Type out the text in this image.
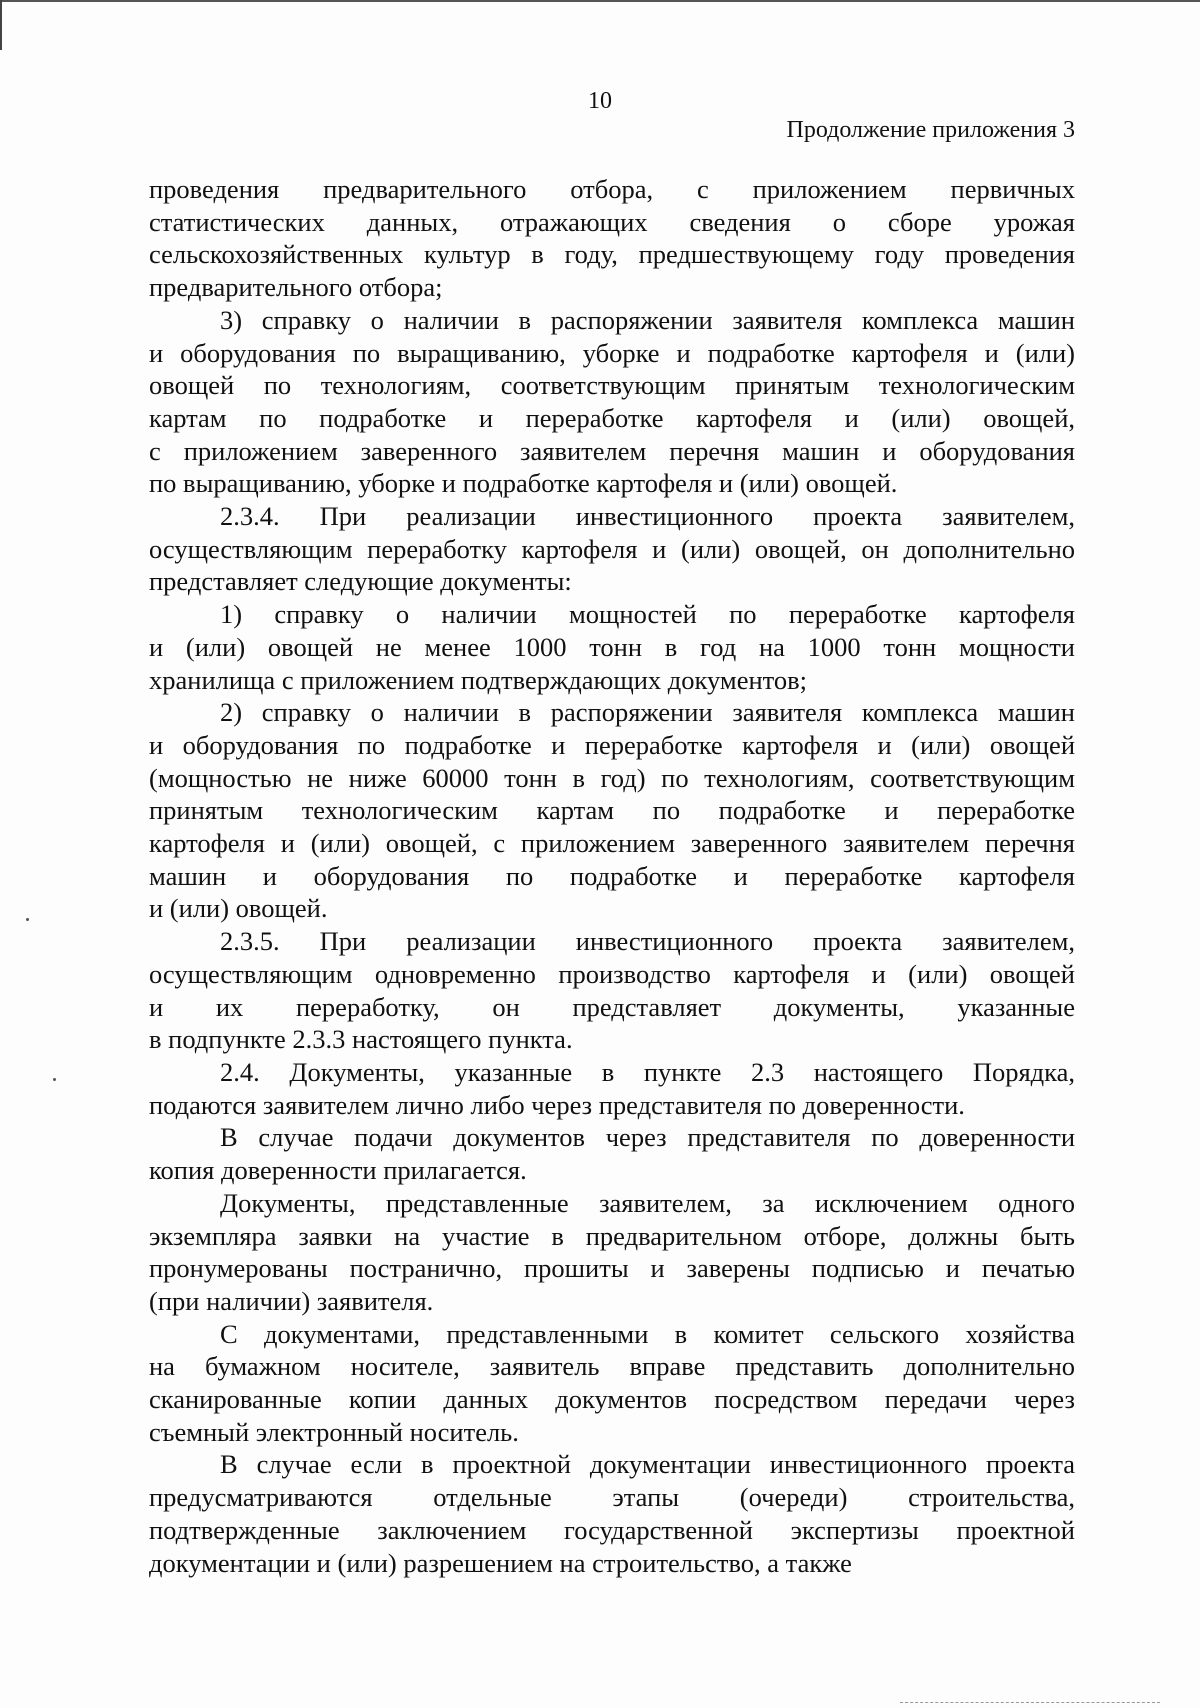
10
Продолжение приложения 3

проведения предварительного отбора, с приложением первичных
статистических данных, отражающих сведения о сборе урожая
сельскохозяйственных культур в году, предшествующему году проведения
предварительного отбора;

3) справку о наличии в распоряжении заявителя комплекса машин
и оборудования по выращиванию, уборке и подработке картофеля и (или)
овощей по технологиям, соответствующим принятым технологическим
картам по подработке и переработке картофеля и (или) овощей,
с приложением заверенного заявителем перечня машин и оборудования
по выращиванию, уборке и подработке картофеля и (или) овощей.

2.3.4. При реализации инвестиционного проекта заявителем,
осуществляющим переработку картофеля и (или) овощей, он дополнительно
представляет следующие документы:

1) справку о наличии мощностей по переработке картофеля
и (или) овощей не менее 1000 тонн в год на 1000 тонн мощности
хранилища с приложением подтверждающих документов;

2) справку о наличии в распоряжении заявителя комплекса машин
и оборудования по подработке и переработке картофеля и (или) овощей
(мощностью не ниже 60000 тонн в год) по технологиям, соответствующим
принятым технологическим картам по подработке и переработке
картофеля и (или) овощей, с приложением заверенного заявителем перечня
машин и оборудования по подработке и переработке картофеля
и (или) овощей.

2.3.5. При реализации инвестиционного проекта заявителем,
осуществляющим одновременно производство картофеля и (или) овощей
и их переработку, он представляет документы, указанные
в подпункте 2.3.3 настоящего пункта.

2.4. Документы, указанные в пункте 2.3 настоящего Порядка,
подаются заявителем лично либо через представителя по доверенности.

В случае подачи документов через представителя по доверенности
копия доверенности прилагается.

Документы, представленные заявителем, за исключением одного
экземпляра заявки на участие в предварительном отборе, должны быть
пронумерованы постранично, прошиты и заверены подписью и печатью
(при наличии) заявителя.

С документами, представленными в комитет сельского хозяйства
на бумажном носителе, заявитель вправе представить дополнительно
сканированные копии данных документов посредством передачи через
съемный электронный носитель.

В случае если в проектной документации инвестиционного проекта
предусматриваются отдельные этапы (очереди) строительства,
подтвержденные заключением государственной экспертизы проектной
документации и (или) разрешением на строительство, а также
